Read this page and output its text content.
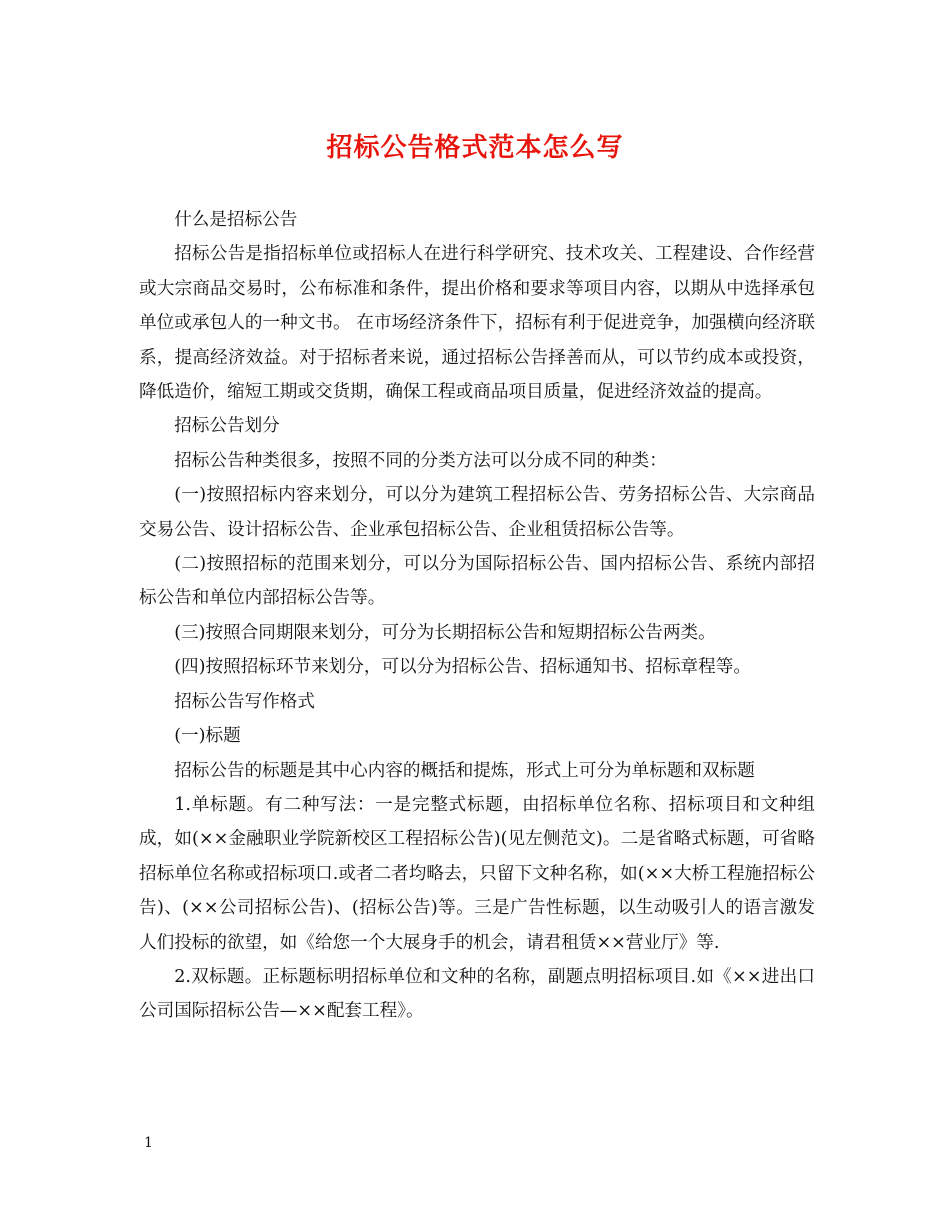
招标公告格式范本怎么写

什么是招标公告

招标公告是指招标单位或招标人在进行科学研究、技术攻关、工程建设、合作经营或大宗商品交易时，公布标准和条件，提出价格和要求等项目内容，以期从中选择承包单位或承包人的一种文书。 在市场经济条件下，招标有利于促进竞争，加强横向经济联系，提高经济效益。对于招标者来说，通过招标公告择善而从，可以节约成本或投资，降低造价，缩短工期或交货期，确保工程或商品项目质量，促进经济效益的提高。

招标公告划分

招标公告种类很多，按照不同的分类方法可以分成不同的种类：

(一)按照招标内容来划分，可以分为建筑工程招标公告、劳务招标公告、大宗商品交易公告、设计招标公告、企业承包招标公告、企业租赁招标公告等。

(二)按照招标的范围来划分，可以分为国际招标公告、国内招标公告、系统内部招标公告和单位内部招标公告等。

(三)按照合同期限来划分，可分为长期招标公告和短期招标公告两类。

(四)按照招标环节来划分，可以分为招标公告、招标通知书、招标章程等。

招标公告写作格式

(一)标题

招标公告的标题是其中心内容的概括和提炼，形式上可分为单标题和双标题

1.单标题。有二种写法：一是完整式标题，由招标单位名称、招标项目和文种组成，如(××金融职业学院新校区工程招标公告)(见左侧范文)。二是省略式标题，可省略招标单位名称或招标项口.或者二者均略去，只留下文种名称，如(××大桥工程施招标公告)、(××公司招标公告)、(招标公告)等。三是广告性标题，以生动吸引人的语言激发人们投标的欲望，如《给您一个大展身手的机会，请君租赁××营业厅》等.

2.双标题。正标题标明招标单位和文种的名称，副题点明招标项目.如《××进出口公司国际招标公告—××配套工程》。

1
